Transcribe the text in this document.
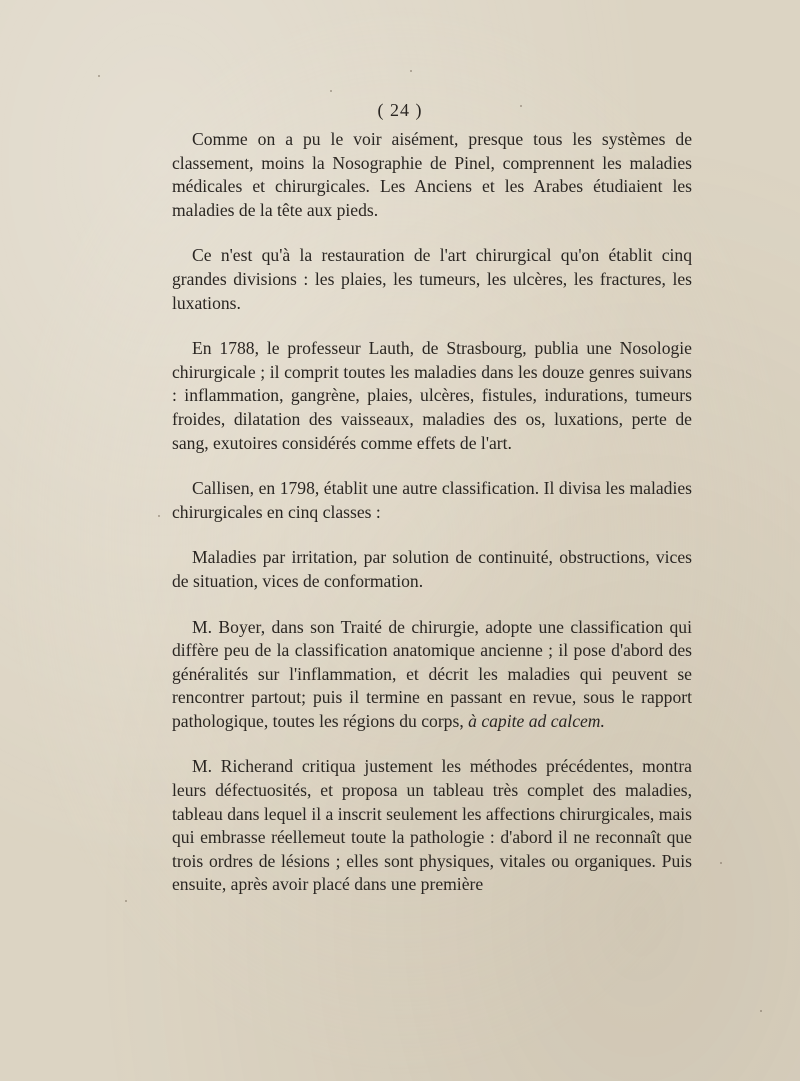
( 24 )

Comme on a pu le voir aisément, presque tous les systèmes de classement, moins la Nosographie de Pinel, comprennent les maladies médicales et chirurgicales. Les Anciens et les Arabes étudiaient les maladies de la tête aux pieds.

Ce n'est qu'à la restauration de l'art chirurgical qu'on établit cinq grandes divisions : les plaies, les tumeurs, les ulcères, les fractures, les luxations.

En 1788, le professeur Lauth, de Strasbourg, publia une Nosologie chirurgicale ; il comprit toutes les maladies dans les douze genres suivans : inflammation, gangrène, plaies, ulcères, fistules, indurations, tumeurs froides, dilatation des vaisseaux, maladies des os, luxations, perte de sang, exutoires considérés comme effets de l'art.

Callisen, en 1798, établit une autre classification. Il divisa les maladies chirurgicales en cinq classes :

Maladies par irritation, par solution de continuité, obstructions, vices de situation, vices de conformation.

M. Boyer, dans son Traité de chirurgie, adopte une classification qui diffère peu de la classification anatomique ancienne ; il pose d'abord des généralités sur l'inflammation, et décrit les maladies qui peuvent se rencontrer partout; puis il termine en passant en revue, sous le rapport pathologique, toutes les régions du corps, à capite ad calcem.

M. Richerand critiqua justement les méthodes précédentes, montra leurs défectuosités, et proposa un tableau très complet des maladies, tableau dans lequel il a inscrit seulement les affections chirurgicales, mais qui embrasse réellemeut toute la pathologie : d'abord il ne reconnaît que trois ordres de lésions ; elles sont physiques, vitales ou organiques. Puis ensuite, après avoir placé dans une première
